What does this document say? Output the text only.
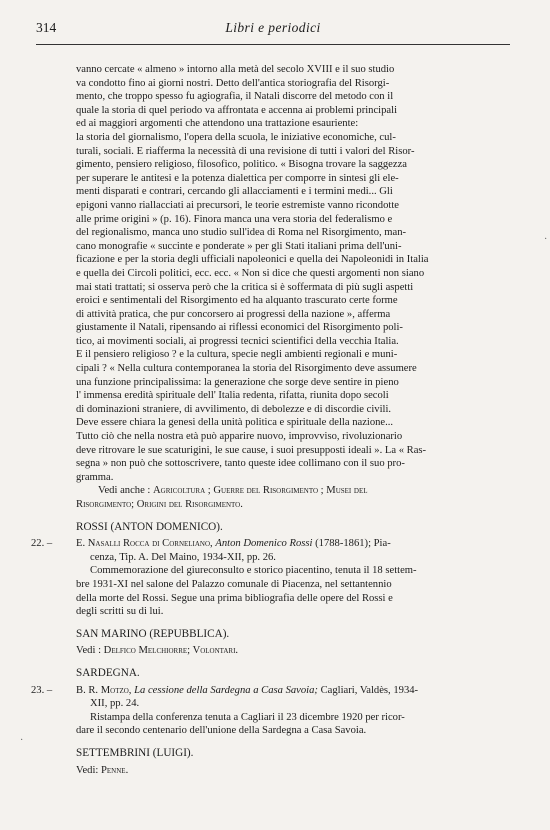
314	Libri e periodici
·
·

vanno cercate « almeno » intorno alla metà del secolo XVIII e il suo studio
va condotto fino ai giorni nostri. Detto dell'antica storiografia del Risorgi-
mento, che troppo spesso fu agiografia, il Natali discorre del metodo con il
quale la storia di quel periodo va affrontata e accenna ai problemi principali
ed ai maggiori argomenti che attendono una trattazione esauriente:
la storia del giornalismo, l'opera della scuola, le iniziative economiche, cul-
turali, sociali. E riafferma la necessità di una revisione di tutti i valori del Risor-
gimento, pensiero religioso, filosofico, politico. « Bisogna trovare la saggezza
per superare le antitesi e la potenza dialettica per comporre in sintesi gli ele-
menti disparati e contrari, cercando gli allacciamenti e i termini medi... Gli
epigoni vanno riallacciati ai precursori, le teorie estremiste vanno ricondotte
alle prime origini » (p. 16). Finora manca una vera storia del federalismo e
del regionalismo, manca uno studio sull'idea di Roma nel Risorgimento, man-
cano monografie « succinte e ponderate » per gli Stati italiani prima dell'uni-
ficazione e per la storia degli ufficiali napoleonici e quella dei Napoleonidi in Italia
e quella dei Circoli politici, ecc. ecc. « Non si dice che questi argomenti non siano
mai stati trattati; si osserva però che la critica si è soffermata di più sugli aspetti
eroici e sentimentali del Risorgimento ed ha alquanto trascurato certe forme
di attività pratica, che pur concorsero ai progressi della nazione », afferma
giustamente il Natali, ripensando ai riflessi economici del Risorgimento poli-
tico, ai movimenti sociali, ai progressi tecnici scientifici della vecchia Italia.
E il pensiero religioso ? e la cultura, specie negli ambienti regionali e muni-
cipali ? « Nella cultura contemporanea la storia del Risorgimento deve assumere
una funzione principalissima: la generazione che sorge deve sentire in pieno
l' immensa eredità spirituale dell' Italia redenta, rifatta, riunita dopo secoli
di dominazioni straniere, di avvilimento, di debolezze e di discordie civili.
Deve essere chiara la genesi della unità politica e spirituale della nazione...
Tutto ciò che nella nostra età può apparire nuovo, improvviso, rivoluzionario
deve ritrovare le sue scaturigini, le sue cause, i suoi presupposti ideali ». La « Ras-
segna » non può che sottoscrivere, tanto queste idee collimano con il suo pro-
gramma.

Vedi anche : Agricoltura ; Guerre del Risorgimento ; Musei del

Risorgimento; Origini del Risorgimento.

ROSSI (ANTON DOMENICO).

22. –	E. Nasalli Rocca di Corneliano, Anton Domenico Rossi (1788-1861); Pia-
cenza, Tip. A. Del Maino, 1934-XII, pp. 26.

Commemorazione del giureconsulto e storico piacentino, tenuta il 18 settem-
bre 1931-XI nel salone del Palazzo comunale di Piacenza, nel settantennio
della morte del Rossi. Segue una prima bibliografia delle opere del Rossi e
degli scritti su di lui.

SAN MARINO (REPUBBLICA).

Vedi : Delfico Melchiorre; Volontari.

SARDEGNA.

23. –	B. R. Motzo, La cessione della Sardegna a Casa Savoia; Cagliari, Valdès, 1934-
XII, pp. 24.

Ristampa della conferenza tenuta a Cagliari il 23 dicembre 1920 per ricor-
dare il secondo centenario dell'unione della Sardegna a Casa Savoia.

SETTEMBRINI (LUIGI).

Vedi: Penne.
